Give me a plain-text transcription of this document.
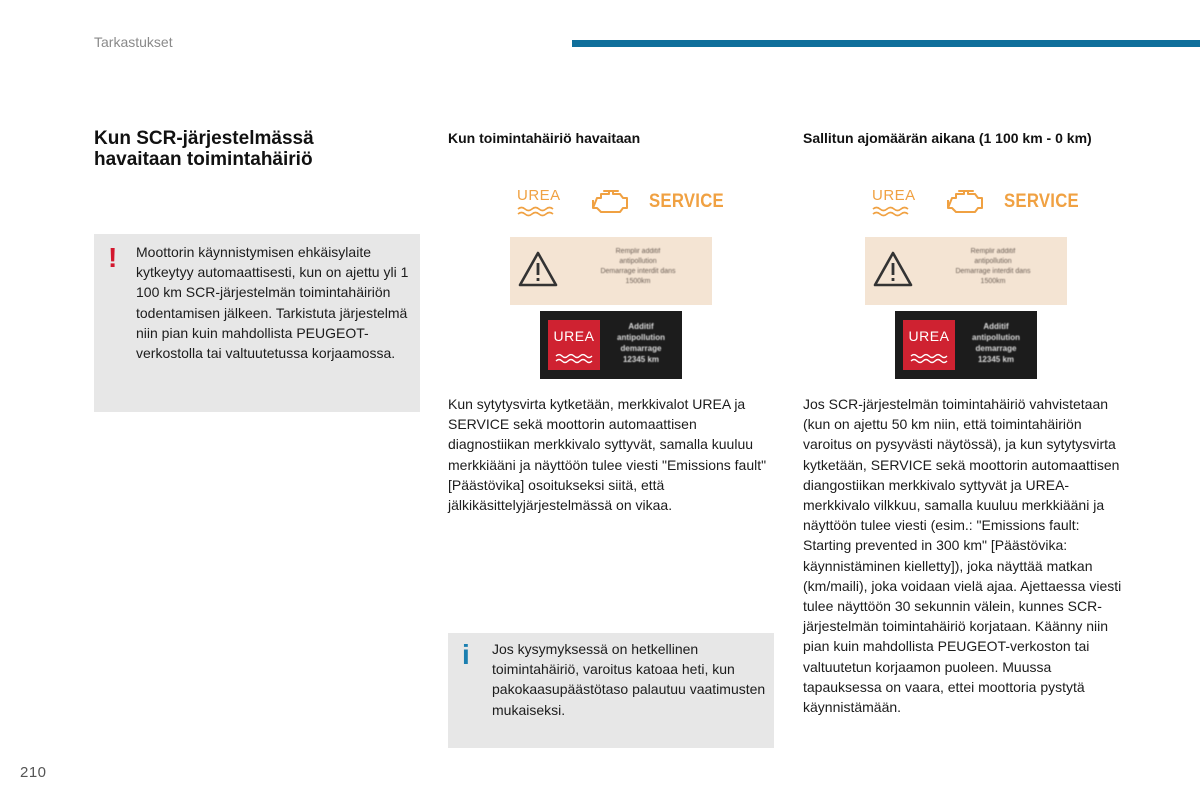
Tarkastukset
Kun SCR-järjestelmässä havaitaan toimintahäiriö
! Moottorin käynnistymisen ehkäisylaite kytkeytyy automaattisesti, kun on ajettu yli 1 100 km SCR-järjestelmän toimintahäiriön todentamisen jälkeen. Tarkistuta järjestelmä niin pian kuin mahdollista PEUGEOT-verkostolla tai valtuutetussa korjaamossa.
Kun toimintahäiriö havaitaan
UREA	SERVICE
Remplir additif
antipollution
Demarrage interdit dans
1500km
UREA
Additif
antipollution
demarrage
12345 km
Kun sytytysvirta kytketään, merkkivalot UREA ja SERVICE sekä moottorin automaattisen diagnostiikan merkkivalo syttyvät, samalla kuuluu merkkiääni ja näyttöön tulee viesti "Emissions fault" [Päästövika] osoitukseksi siitä, että jälkikäsittelyjärjestelmässä on vikaa.
i Jos kysymyksessä on hetkellinen toimintahäiriö, varoitus katoaa heti, kun pakokaasupäästötaso palautuu vaatimusten mukaiseksi.
Sallitun ajomäärän aikana (1 100 km - 0 km)
UREA	SERVICE
Remplir additif
antipollution
Demarrage interdit dans
1500km
UREA
Additif
antipollution
demarrage
12345 km
Jos SCR-järjestelmän toimintahäiriö vahvistetaan (kun on ajettu 50 km niin, että toimintahäiriön varoitus on pysyvästi näytössä), ja kun sytytysvirta kytketään, SERVICE sekä moottorin automaattisen diangostiikan merkkivalo syttyvät ja UREA-merkkivalo vilkkuu, samalla kuuluu merkkiääni ja näyttöön tulee viesti (esim.: "Emissions fault: Starting prevented in 300 km" [Päästövika: käynnistäminen kielletty]), joka näyttää matkan (km/maili), joka voidaan vielä ajaa. Ajettaessa viesti tulee näyttöön 30 sekunnin välein, kunnes SCR-järjestelmän toimintahäiriö korjataan. Käänny niin pian kuin mahdollista PEUGEOT-verkoston tai valtuutetun korjaamon puoleen. Muussa tapauksessa on vaara, ettei moottoria pystytä käynnistämään.
210
